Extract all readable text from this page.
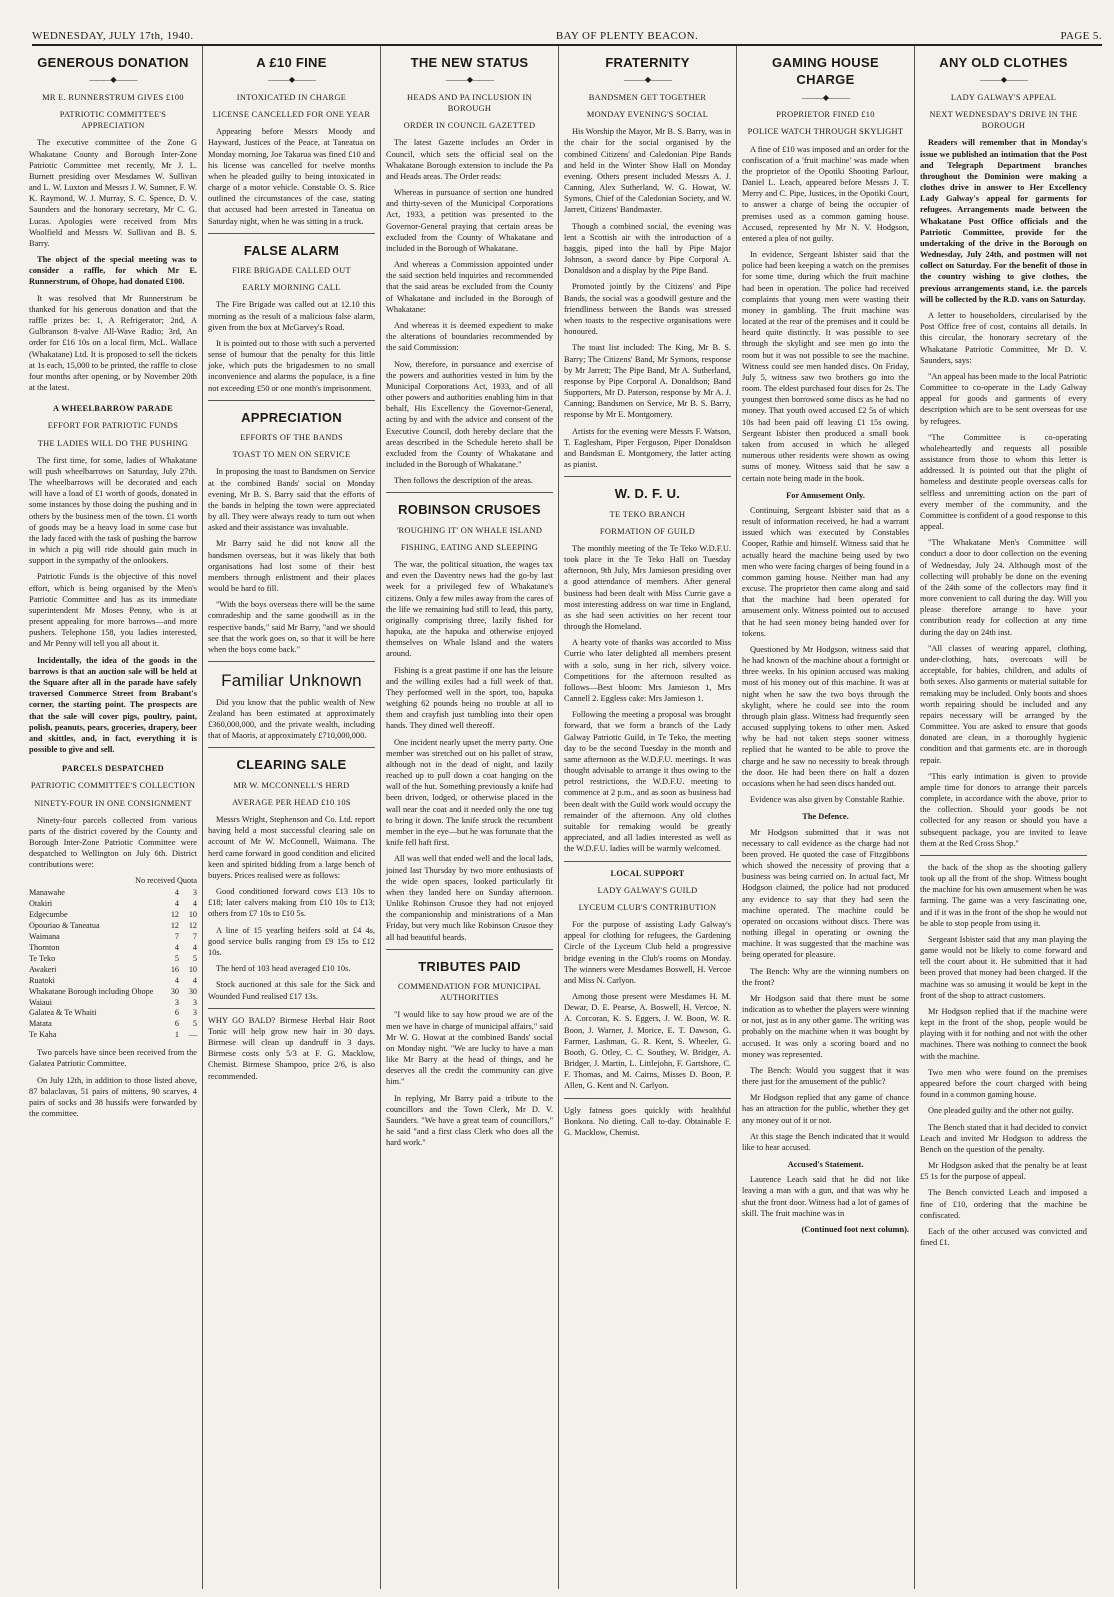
WEDNESDAY, JULY 17th, 1940.	BAY OF PLENTY BEACON.	PAGE 5.
GENEROUS DONATION
———◆———
MR E. RUNNERSTRUM GIVES £100
PATRIOTIC COMMITTEE'S APPRECIATION

The executive committee of the Zone G Whakatane County and Borough Inter-Zone Patriotic Committee met recently, Mr J. L. Burnett presiding over Mesdames W. Sullivan and L. W. Luxton and Messrs J. W. Sumner, F. W. K. Raymond, W. J. Murray, S. C. Spence, D. V. Saunders and the honorary secretary, Mr C. G. Lucas. Apologies were received from Mrs Woolfield and Messrs W. Sullivan and B. S. Barry.

The object of the special meeting was to consider a raffle, for which Mr E. Runnerstrum, of Ohope, had donated £100.

It was resolved that Mr Runnerstrum be thanked for his generous donation and that the raffle prizes be: 1, A Refrigerator; 2nd, A Gulbranson 8-valve All-Wave Radio; 3rd, An order for £16 10s on a local firm, McL. Wallace (Whakatane) Ltd. It is proposed to sell the tickets at 1s each, 15,000 to be printed, the raffle to close four months after opening, or by November 20th at the latest.

A WHEELBARROW PARADE
EFFORT FOR PATRIOTIC FUNDS
THE LADIES WILL DO THE PUSHING

The first time, for some, ladies of Whakatane will push wheelbarrows on Saturday, July 27th. The wheelbarrows will be decorated and each will have a load of £1 worth of goods, donated in some instances by those doing the pushing and in others by the business men of the town. £1 worth of goods may be a heavy load in some case but the lady faced with the task of pushing the barrow in which a pig will ride should gain much in support in the sympathy of the onlookers.

Patriotic Funds is the objective of this novel effort, which is being organised by the Men's Patriotic Committee and has as its immediate superintendent Mr Moses Penny, who is at present appealing for more barrows—and more pushers. Telephone 158, you ladies interested, and Mr Penny will tell you all about it.

Incidentally, the idea of the goods in the barrows is that an auction sale will be held at the Square after all in the parade have safely traversed Commerce Street from Brabant's corner, the starting point. The prospects are that the sale will cover pigs, poultry, paint, polish, peanuts, pears, groceries, drapery, beer and skittles, and, in fact, everything it is possible to give and sell.

PARCELS DESPATCHED
PATRIOTIC COMMITTEE'S COLLECTION
NINETY-FOUR IN ONE CONSIGNMENT

Ninety-four parcels collected from various parts of the district covered by the County and Borough Inter-Zone Patriotic Committee were despatched to Wellington on July 6th. District contributions were:

No received Quota
Manawahe	4	3
Otakiri	4	4
Edgecumbe	12	10
Opouriao & Taneatua	12	12
Waimana	7	7
Thornton	4	4
Te Teko	5	5
Awakeri	16	10
Ruatoki	4	4
Whakatane Borough including Ohope	30	30
Waiaui	3	3
Galatea & Te Whaiti	6	3
Matata	6	5
Te Kaha	1	—

Two parcels have since been received from the Galatea Patriotic Committee.

On July 12th, in addition to those listed above, 87 balaclavas, 51 pairs of mittens, 90 scarves, 4 pairs of socks and 38 hussifs were forwarded by the committee.

A £10 FINE
———◆———
INTOXICATED IN CHARGE
LICENSE CANCELLED FOR ONE YEAR

Appearing before Messrs Moody and Hayward, Justices of the Peace, at Taneatua on Monday morning, Joe Takarua was fined £10 and his license was cancelled for twelve months when he pleaded guilty to being intoxicated in charge of a motor vehicle. Constable O. S. Rice outlined the circumstances of the case, stating that accused had been arrested in Taneatua on Saturday night, when he was sitting in a truck.

FALSE ALARM
FIRE BRIGADE CALLED OUT
EARLY MORNING CALL

The Fire Brigade was called out at 12.10 this morning as the result of a malicious false alarm, given from the box at McGarvey's Road.

It is pointed out to those with such a perverted sense of humour that the penalty for this little joke, which puts the brigadesmen to no small inconvenience and alarms the populace, is a fine not exceeding £50 or one month's imprisonment.

APPRECIATION
EFFORTS OF THE BANDS
TOAST TO MEN ON SERVICE

In proposing the toast to Bandsmen on Service at the combined Bands' social on Monday evening, Mr B. S. Barry said that the efforts of the bands in helping the town were appreciated by all. They were always ready to turn out when asked and their assistance was invaluable.

Mr Barry said he did not know all the bandsmen overseas, but it was likely that both organisations had lost some of their best members through enlistment and their places would be hard to fill.

"With the boys overseas there will be the same comradeship and the same goodwill as in the respective bands," said Mr Barry, "and we should see that the work goes on, so that it will be here when the boys come back."

Familiar Unknown

Did you know that the public wealth of New Zealand has been estimated at approximately £360,000,000, and the private wealth, including that of Maoris, at approximately £710,000,000.

CLEARING SALE
MR W. MCCONNELL'S HERD
AVERAGE PER HEAD £10 10S

Messrs Wright, Stephenson and Co. Ltd. report having held a most successful clearing sale on account of Mr W. McConnell, Waimana. The herd came forward in good condition and elicited keen and spirited bidding from a large bench of buyers. Prices realised were as follows:

Good conditioned forward cows £13 10s to £18; later calvers making from £10 10s to £13; others from £7 10s to £10 5s.

A line of 15 yearling heifers sold at £4 4s, good service bulls ranging from £9 15s to £12 10s.

The herd of 103 head averaged £10 10s.

Stock auctioned at this sale for the Sick and Wounded Fund realised £17 13s.

WHY GO BALD? Birmese Herbal Hair Root Tonic will help grow new hair in 30 days. Birmese will clean up dandruff in 3 days. Birmese costs only 5/3 at F. G. Macklow, Chemist. Birmese Shampoo, price 2/6, is also recommended.

THE NEW STATUS
———◆———
HEADS AND PA INCLUSION IN BOROUGH
ORDER IN COUNCIL GAZETTED

The latest Gazette includes an Order in Council, which sets the official seal on the Whakatane Borough extension to include the Pa and Heads areas. The Order reads:

Whereas in pursuance of section one hundred and thirty-seven of the Municipal Corporations Act, 1933, a petition was presented to the Governor-General praying that certain areas be excluded from the County of Whakatane and included in the Borough of Whakatane.

And whereas a Commission appointed under the said section held inquiries and recommended that the said areas be excluded from the County of Whakatane and included in the Borough of Whakatane:

And whereas it is deemed expedient to make the alterations of boundaries recommended by the said Commission:

Now, therefore, in pursuance and exercise of the powers and authorities vested in him by the Municipal Corporations Act, 1933, and of all other powers and authorities enabling him in that behalf, His Excellency the Governor-General, acting by and with the advice and consent of the Executive Council, doth hereby declare that the areas described in the Schedule hereto shall be excluded from the County of Whakatane and included in the Borough of Whakatane."

Then follows the description of the areas.

ROBINSON CRUSOES
'ROUGHING IT' ON WHALE ISLAND
FISHING, EATING AND SLEEPING

The war, the political situation, the wages tax and even the Daventry news had the go-by last week for a privileged few of Whakatane's citizens. Only a few miles away from the cares of the life we remaining had still to lead, this party, originally comprising three, lazily fished for hapuka, ate the hapuka and otherwise enjoyed themselves on Whale Island and the waters around.

Fishing is a great pastime if one has the leisure and the willing exiles had a full week of that. They performed well in the sport, too, hapuka weighing 62 pounds being no trouble at all to them and crayfish just tumbling into their open hands. They dined well thereoff.

One incident nearly upset the merry party. One member was stretched out on his pallet of straw, although not in the dead of night, and lazily reached up to pull down a coat hanging on the wall of the hut. Something previously a knife had been driven, lodged, or otherwise placed in the wall near the coat and it needed only the one tug to bring it down. The knife struck the recumbent member in the eye—but he was fortunate that the knife fell haft first.

All was well that ended well and the local lads, joined last Thursday by two more enthusiasts of the wide open spaces, looked particularly fit when they landed here on Sunday afternoon. Unlike Robinson Crusoe they had not enjoyed the companionship and ministrations of a Man Friday, but very much like Robinson Crusoe they all had beautiful beards.

TRIBUTES PAID
COMMENDATION FOR MUNICIPAL AUTHORITIES

"I would like to say how proud we are of the men we have in charge of municipal affairs," said Mr W. G. Howat at the combined Bands' social on Monday night. "We are lucky to have a man like Mr Barry at the head of things, and he deserves all the credit the community can give him."

In replying, Mr Barry paid a tribute to the councillors and the Town Clerk, Mr D. V. Saunders. "We have a great team of councillors," he said "and a first class Clerk who does all the hard work."

FRATERNITY
———◆———
BANDSMEN GET TOGETHER
MONDAY EVENING'S SOCIAL

His Worship the Mayor, Mr B. S. Barry, was in the chair for the social organised by the combined Citizens' and Caledonian Pipe Bands and held in the Winter Show Hall on Monday evening. Others present included Messrs A. J. Canning, Alex Sutherland, W. G. Howat, W. Symons, Chief of the Caledonian Society, and W. Jarrett, Citizens' Bandmaster.

Though a combined social, the evening was lent a Scottish air with the introduction of a haggis, piped into the hall by Pipe Major Johnson, a sword dance by Pipe Corporal A. Donaldson and a display by the Pipe Band.

Promoted jointly by the Citizens' and Pipe Bands, the social was a goodwill gesture and the friendliness between the Bands was stressed when toasts to the respective organisations were honoured.

The toast list included: The King, Mr B. S. Barry; The Citizens' Band, Mr Symons, response by Mr Jarrett; The Pipe Band, Mr A. Sutherland, response by Pipe Corporal A. Donaldson; Band Supporters, Mr D. Paterson, response by Mr A. J. Canning; Bandsmen on Service, Mr B. S. Barry, response by Mr E. Montgomery.

Artists for the evening were Messrs F. Watson, T. Eaglesham, Piper Ferguson, Piper Donaldson and Bandsman E. Montgomery, the latter acting as pianist.

W. D. F. U.
TE TEKO BRANCH
FORMATION OF GUILD

The monthly meeting of the Te Teko W.D.F.U. took place in the Te Teko Hall on Tuesday afternoon, 9th July, Mrs Jamieson presiding over a good attendance of members. After general business had been dealt with Miss Currie gave a most interesting address on war time in England, as she had seen activities on her recent tour through the Homeland.

A hearty vote of thanks was accorded to Miss Currie who later delighted all members present with a solo, sung in her rich, silvery voice. Competitions for the afternoon resulted as follows—Best bloom: Mrs Jamieson 1, Mrs Cannell 2. Eggless cake: Mrs Jamieson 1.

Following the meeting a proposal was brought forward, that we form a branch of the Lady Galway Patriotic Guild, in Te Teko, the meeting day to be the second Tuesday in the month and same afternoon as the W.D.F.U. meetings. It was thought advisable to arrange it thus owing to the petrol restrictions, the W.D.F.U. meeting to commence at 2 p.m., and as soon as business had been dealt with the Guild work would occupy the remainder of the afternoon. Any old clothes suitable for remaking would be greatly appreciated, and all ladies interested as well as the W.D.F.U. ladies will be warmly welcomed.

LOCAL SUPPORT
LADY GALWAY'S GUILD
LYCEUM CLUB'S CONTRIBUTION

For the purpose of assisting Lady Galway's appeal for clothing for refugees, the Gardening Circle of the Lyceum Club held a progressive bridge evening in the Club's rooms on Monday. The winners were Mesdames Boswell, H. Vercoe and Miss N. Carlyon.

Among those present were Mesdames H. M. Dewar, D. E. Pearse, A. Boswell, H. Vercoe, N. A. Corcoran, K. S. Eggers, J. W. Boon, W. R. Boon, J. Warner, J. Morice, E. T. Dawson, G. Farmer, Lashman, G. R. Kent, S. Wheeler, G. Booth, G. Otley, C. C. Southey, W. Bridger, A. Bridger, J. Martin, L. Littlejohn, F. Gartshore, C. F. Thomas, and M. Cairns, Misses D. Boon, P. Allen, G. Kent and N. Carlyon.

Ugly fatness goes quickly with healthful Bonkora. No dieting. Call to-day. Obtainable F. G. Macklow, Chemist.

GAMING HOUSE CHARGE
———◆———
PROPRIETOR FINED £10
POLICE WATCH THROUGH SKYLIGHT

A fine of £10 was imposed and an order for the confiscation of a 'fruit machine' was made when the proprietor of the Opotiki Shooting Parlour, Daniel L. Leach, appeared before Messrs J. T. Merry and C. Pipe, Justices, in the Opotiki Court, to answer a charge of being the occupier of premises used as a common gaming house. Accused, represented by Mr N. V. Hodgson, entered a plea of not guilty.

In evidence, Sergeant Isbister said that the police had been keeping a watch on the premises for some time, during which the fruit machine had been in operation. The police had received complaints that young men were wasting their money in gambling. The fruit machine was located at the rear of the premises and it could be heard quite distinctly. It was possible to see through the skylight and see men go into the room but it was not possible to see the machine. Witness could see men handed discs. On Friday, July 5, witness saw two brothers go into the room. The eldest purchased four discs for 2s. The youngest then borrowed some discs as he had no money. That youth owed accused £2 5s of which 10s had been paid off leaving £1 15s owing. Sergeant Isbister then produced a small book taken from accused in which he alleged numerous other residents were shown as owing sums of money. Witness said that he saw a certain note being made in the book.

For Amusement Only.

Continuing, Sergeant Isbister said that as a result of information received, he had a warrant issued which was executed by Constables Cooper, Rathie and himself. Witness said that he actually heard the machine being used by two men who were facing charges of being found in a common gaming house. Neither man had any excuse. The proprietor then came along and said that the machine had been operated for amusement only. Witness pointed out to accused that he had seen money being handed over for tokens.

Questioned by Mr Hodgson, witness said that he had known of the machine about a fortnight or three weeks. In his opinion accused was making most of his money out of this machine. It was at night when he saw the two boys through the skylight, where he could see into the room through plain glass. Witness had frequently seen accused supplying tokens to other men. Asked why he had not taken steps sooner witness replied that he wanted to be able to prove the charge and he saw no necessity to break through the door. He had been there on half a dozen occasions when he had seen discs handed out.

Evidence was also given by Constable Rathie.

The Defence.

Mr Hodgson submitted that it was not necessary to call evidence as the charge had not been proved. He quoted the case of Fitzgibbons which showed the necessity of proving that a business was being carried on. In actual fact, Mr Hodgson claimed, the police had not produced any evidence to say that they had seen the machine operated. The machine could be operated on occasions without discs. There was nothing illegal in operating or owning the machine. It was suggested that the machine was being operated for pleasure.

The Bench: Why are the winning numbers on the front?

Mr Hodgson said that there must be some indication as to whether the players were winning or not, just as in any other game. The writing was probably on the machine when it was bought by accused. It was only a scoring board and no money was represented.

The Bench: Would you suggest that it was there just for the amusement of the public?

Mr Hodgson replied that any game of chance has an attraction for the public, whether they get any money out of it or not.

At this stage the Bench indicated that it would like to hear accused.

Accused's Statement.

Laurence Leach said that he did not like leaving a man with a gun, and that was why he shut the front door. Witness had a lot of games of skill. The fruit machine was in

(Continued foot next column).

ANY OLD CLOTHES
———◆———
LADY GALWAY'S APPEAL
NEXT WEDNESDAY'S DRIVE IN THE BOROUGH

Readers will remember that in Monday's issue we published an intimation that the Post and Telegraph Department branches throughout the Dominion were making a clothes drive in answer to Her Excellency Lady Galway's appeal for garments for refugees. Arrangements made between the Whakatane Post Office officials and the Patriotic Committee, provide for the undertaking of the drive in the Borough on Wednesday, July 24th, and postmen will not collect on Saturday. For the benefit of those in the country wishing to give clothes, the previous arrangements stand, i.e. the parcels will be collected by the R.D. vans on Saturday.

A letter to householders, circularised by the Post Office free of cost, contains all details. In this circular, the honorary secretary of the Whakatane Patriotic Committee, Mr D. V. Saunders, says:

"An appeal has been made to the local Patriotic Committee to co-operate in the Lady Galway appeal for goods and garments of every description which are to be sent overseas for use by refugees.

"The Committee is co-operating wholeheartedly and requests all possible assistance from those to whom this letter is addressed. It is pointed out that the plight of homeless and destitute people overseas calls for selfless and unremitting action on the part of every member of the community, and the Committee is confident of a good response to this appeal.

"The Whakatane Men's Committee will conduct a door to door collection on the evening of Wednesday, July 24. Although most of the collecting will probably be done on the evening of the 24th some of the collectors may find it more convenient to call during the day. Will you please therefore arrange to have your contribution ready for collection at any time during the day on 24th inst.

"All classes of wearing apparel, clothing, under-clothing, hats, overcoats will be acceptable, for babies, children, and adults of both sexes. Also garments or material suitable for remaking may be included. Only boots and shoes worth repairing should be included and any repairs necessary will be arranged by the Committee. You are asked to ensure that goods donated are clean, in a thoroughly hygienic condition and that garments etc. are in thorough repair.

"This early intimation is given to provide ample time for donors to arrange their parcels complete, in accordance with the above, prior to the collection. Should your goods be not collected for any reason or should you have a subsequent package, you are invited to leave them at the Red Cross Shop."

the back of the shop as the shooting gallery took up all the front of the shop. Witness bought the machine for his own amusement when he was farming. The game was a very fascinating one, and if it was in the front of the shop he would not be able to stop people from using it.

Sergeant Isbister said that any man playing the game would not be likely to come forward and tell the court about it. He submitted that it had been proved that money had been charged. If the machine was so amusing it would be kept in the front of the shop to attract customers.

Mr Hodgson replied that if the machine were kept in the front of the shop, people would be playing with it for nothing and not with the other machines. There was nothing to connect the book with the machine.

Two men who were found on the premises appeared before the court charged with being found in a common gaming house.

One pleaded guilty and the other not guilty.

The Bench stated that it had decided to convict Leach and invited Mr Hodgson to address the Bench on the question of the penalty.

Mr Hodgson asked that the penalty be at least £5 1s for the purpose of appeal.

The Bench convicted Leach and imposed a fine of £10, ordering that the machine be confiscated.

Each of the other accused was convicted and fined £1.
